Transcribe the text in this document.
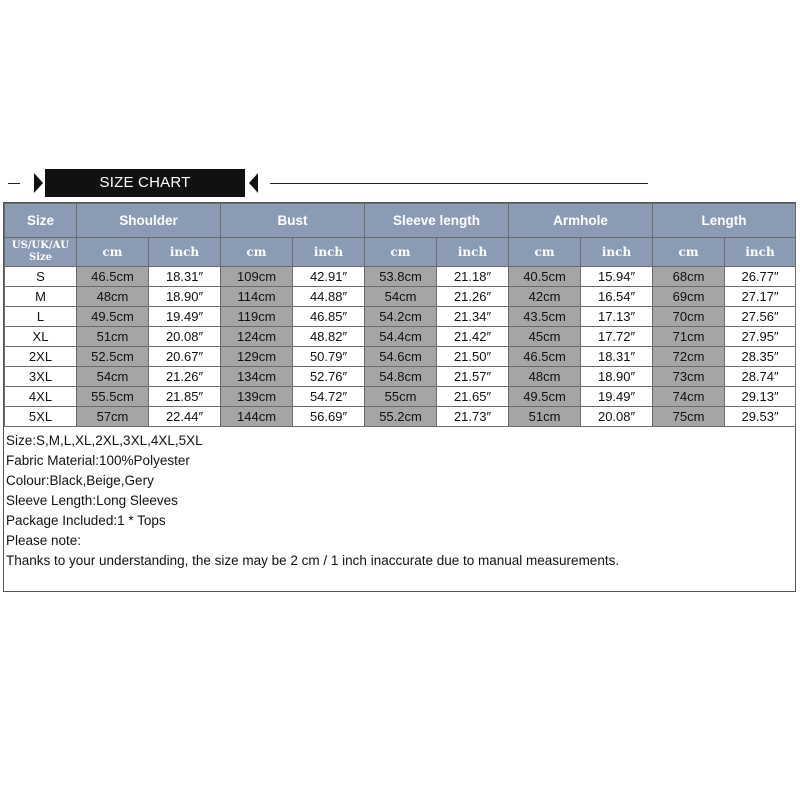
SIZE CHART
Size	Shoulder		Bust		Sleeve length		Armhole		Length	

US/UK/AU
Size	cm	inch	cm	inch	cm	inch	cm	inch	cm	inch
S	46.5cm	18.31″	109cm	42.91″	53.8cm	21.18″	40.5cm	15.94″	68cm	26.77″
M	48cm	18.90″	114cm	44.88″	54cm	21.26″	42cm	16.54″	69cm	27.17″
L	49.5cm	19.49″	119cm	46.85″	54.2cm	21.34″	43.5cm	17.13″	70cm	27.56″
XL	51cm	20.08″	124cm	48.82″	54.4cm	21.42″	45cm	17.72″	71cm	27.95″
2XL	52.5cm	20.67″	129cm	50.79″	54.6cm	21.50″	46.5cm	18.31″	72cm	28.35″
3XL	54cm	21.26″	134cm	52.76″	54.8cm	21.57″	48cm	18.90″	73cm	28.74″
4XL	55.5cm	21.85″	139cm	54.72″	55cm	21.65″	49.5cm	19.49″	74cm	29.13″
5XL	57cm	22.44″	144cm	56.69″	55.2cm	21.73″	51cm	20.08″	75cm	29.53″
Size:S,M,L,XL,2XL,3XL,4XL,5XL
Fabric Material:100%Polyester
Colour:Black,Beige,Gery
Sleeve Length:Long Sleeves
Package Included:1 * Tops
Please note:
Thanks to your understanding, the size may be 2 cm / 1 inch inaccurate due to manual measurements.
